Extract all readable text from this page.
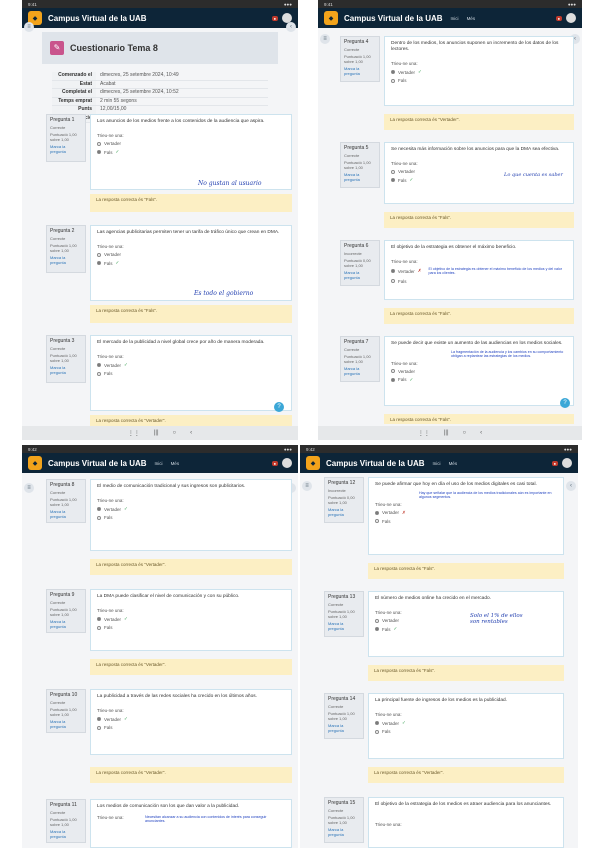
9:41	●●●
◆	Campus Virtual de la UAB	●
≡	‹
✎	Cuestionario Tema 8
Comenzado el	dimecres, 25 setembre 2024, 10:49
Estat	Acabat
Completat el	dimecres, 25 setembre 2024, 10:52
Temps emprat	2 min 55 segons
Punts	12,00/15,00
Pregunta 1
Correcte
Puntuació 1,00 sobre 1,00
Marca la pregunta
Los anuncios de los medios frente a los contenidos de la audiencia que aspira.
Trieu-ne una:
Vertader
Fals ✓
No gustan al usuario
La resposta correcta és "Fals".
Pregunta 2
Correcte
Puntuació 1,00 sobre 1,00
Marca la pregunta
Las agencias publicitarias permiten tener un tarifa de tráfico único que crean en DMA.
Trieu-ne una:
Vertader
Fals ✓
Es todo el gobierno
La resposta correcta és "Fals".
Pregunta 3
Correcte
Puntuació 1,00 sobre 1,00
Marca la pregunta
El mercado de la publicidad a nivel global crece por año de manera moderada.
Trieu-ne una:
Vertader ✓
Fals
La resposta correcta és "Vertader".
?
⋮⋮ ||| ○ ‹
9:41	●●●
◆	Campus Virtual de la UAB Inici Més	●
≡	‹
Pregunta 4
Correcte
Puntuació 1,00 sobre 1,00
Marca la pregunta
Dentro de los medios, los anuncios suponen un incremento de los datos de los lectores.
Trieu-ne una:
Vertader ✓
Fals
La resposta correcta és "Vertader".
Pregunta 5
Correcte
Puntuació 1,00 sobre 1,00
Marca la pregunta
Se necesita más información sobre los anuncios para que la DMA sea efectiva.
Trieu-ne una:
Vertader
Fals ✓
Lo que cuenta es saber
La resposta correcta és "Fals".
Pregunta 6
Incorrecte
Puntuació 0,00 sobre 1,00
Marca la pregunta
El objetivo de la estrategia es obtener el máximo beneficio.
Trieu-ne una:
Vertader ✗ El objetivo de la estrategia es obtener el máximo beneficio de los medios y del valor para los clientes.
Fals
La resposta correcta és "Fals".
Pregunta 7
Correcte
Puntuació 1,00 sobre 1,00
Marca la pregunta
Se puede decir que existe un aumento de las audiencias en los medios sociales.
La fragmentación de la audiencia y los cambios en su comportamiento obligan a replantear las estrategias de los medios.
Trieu-ne una:
Vertader
Fals ✓
La resposta correcta és "Fals".
?
⋮⋮ ||| ○ ‹
9:42	●●●
◆	Campus Virtual de la UAB Inici Més	●
≡	Pregunta 8
Correcte
Puntuació 1,00 sobre 1,00
Marca la pregunta
El medio de comunicación tradicional y sus ingresos son publicitarios.
Trieu-ne una:
Vertader ✓
Fals
La resposta correcta és "Vertader".
Pregunta 9
Correcte
Puntuació 1,00 sobre 1,00
Marca la pregunta
La DMA puede clasificar el nivel de comunicación y con su público.
Trieu-ne una:
Vertader ✓
Fals
La resposta correcta és "Vertader".
Pregunta 10
Correcte
Puntuació 1,00 sobre 1,00
Marca la pregunta
La publicidad a través de las redes sociales ha crecido en los últimos años.
Trieu-ne una:
Vertader ✓
Fals
La resposta correcta és "Vertader".
Pregunta 11
Correcte
Puntuació 1,00 sobre 1,00
Marca la pregunta
Los medios de comunicación son los que dan valor a la publicidad.
Trieu-ne una:	Necesitan alcanzar a su audiencia con contenidos de interés para conseguir anunciantes.
9:42	●●●
◆	Campus Virtual de la UAB Inici Més	●
≡	‹
Pregunta 12
Incorrecte
Puntuació 0,00 sobre 1,00
Marca la pregunta
Se puede afirmar que hoy en día el uso de los medios digitales es casi total.
Hay que señalar que la audiencia de los medios tradicionales aún es importante en algunos segmentos.
Trieu-ne una:
Vertader ✗
Fals
La resposta correcta és "Fals".
Pregunta 13
Correcte
Puntuació 1,00 sobre 1,00
Marca la pregunta
El número de medios online ha crecido en el mercado.
Trieu-ne una:
Vertader
Fals ✓
Solo el 1% de ellos son rentables
La resposta correcta és "Fals".
Pregunta 14
Correcte
Puntuació 1,00 sobre 1,00
Marca la pregunta
La principal fuente de ingresos de los medios es la publicidad.
Trieu-ne una:
Vertader ✓
Fals
La resposta correcta és "Vertader".
Pregunta 15
Correcte
Puntuació 1,00 sobre 1,00
Marca la pregunta
El objetivo de la estrategia de los medios es atraer audiencia para los anunciantes.
Trieu-ne una:
